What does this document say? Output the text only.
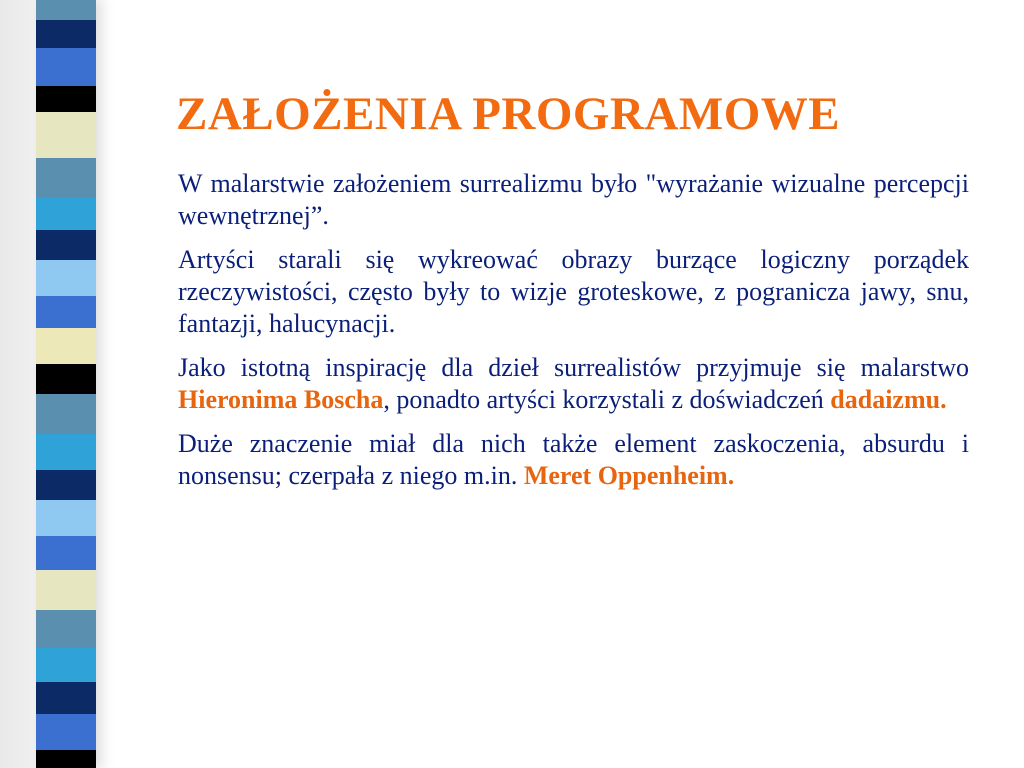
ZAŁOŻENIA PROGRAMOWE

W malarstwie założeniem surrealizmu było "wyrażanie wizualne percepcji wewnętrznej”.

Artyści starali się wykreować obrazy burzące logiczny porządek rzeczywistości, często były to wizje groteskowe, z pogranicza jawy, snu, fantazji, halucynacji.

Jako istotną inspirację dla dzieł surrealistów przyjmuje się malarstwo Hieronima Boscha, ponadto artyści korzystali z doświadczeń dadaizmu.

Duże znaczenie miał dla nich także element zaskoczenia, absurdu i nonsensu; czerpała z niego m.in. Meret Oppenheim.
